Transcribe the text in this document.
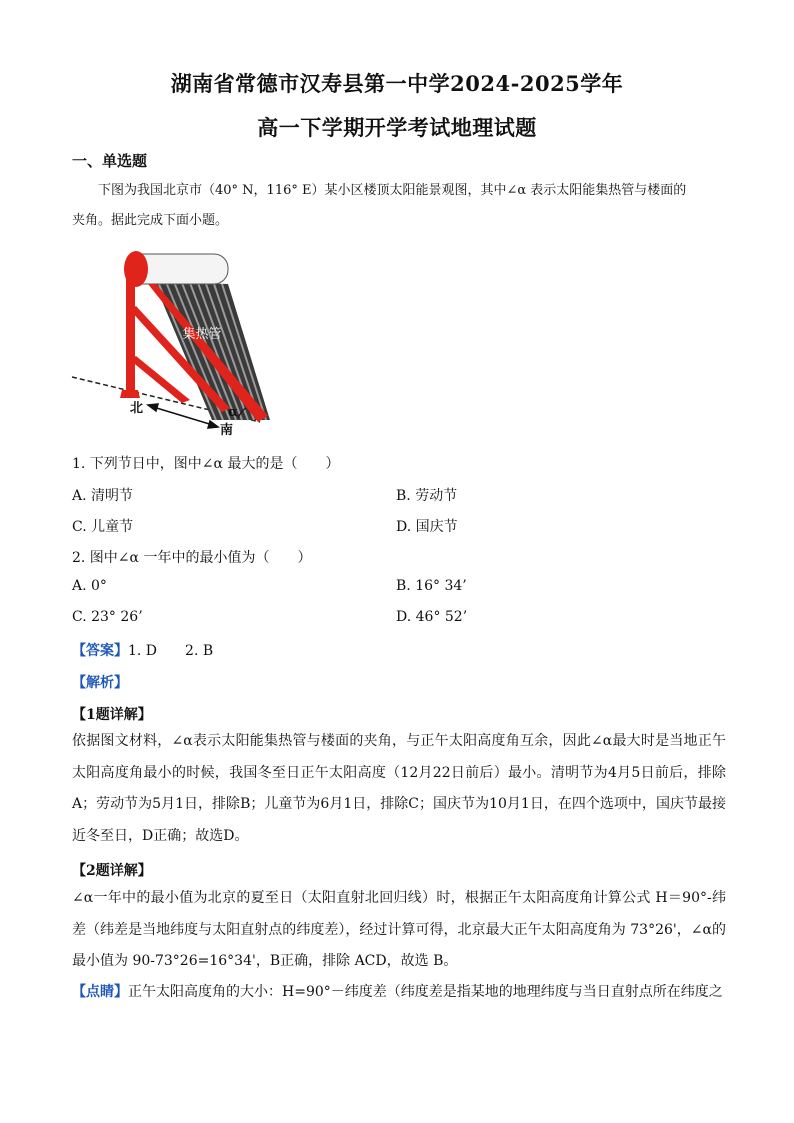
湖南省常德市汉寿县第一中学2024-2025学年
高一下学期开学考试地理试题
一、单选题

下图为我国北京市（40° N，116° E）某小区楼顶太阳能景观图，其中∠α 表示太阳能集热管与楼面的

夹角。据此完成下面小题。
集热管
北
南
α
1. 下列节日中，图中∠α 最大的是（　　）
A. 清明节	B. 劳动节
C. 儿童节	D. 国庆节
2. 图中∠α 一年中的最小值为（　　）
A. 0°	B. 16° 34’
C. 23° 26’	D. 46° 52’
【答案】1. D　　2. B
【解析】
【1题详解】
依据图文材料，∠α表示太阳能集热管与楼面的夹角，与正午太阳高度角互余，因此∠α最大时是当地正午太阳高度角最小的时候，我国冬至日正午太阳高度（12月22日前后）最小。清明节为4月5日前后，排除A；劳动节为5月1日，排除B；儿童节为6月1日，排除C；国庆节为10月1日，在四个选项中，国庆节最接近冬至日，D正确；故选D。
【2题详解】
∠α一年中的最小值为北京的夏至日（太阳直射北回归线）时，根据正午太阳高度角计算公式 H＝90°-纬差（纬差是当地纬度与太阳直射点的纬度差），经过计算可得，北京最大正午太阳高度角为 73°26'，∠α的最小值为 90-73°26=16°34'，B正确，排除 ACD，故选 B。
【点睛】正午太阳高度角的大小：H=90°－纬度差（纬度差是指某地的地理纬度与当日直射点所在纬度之
